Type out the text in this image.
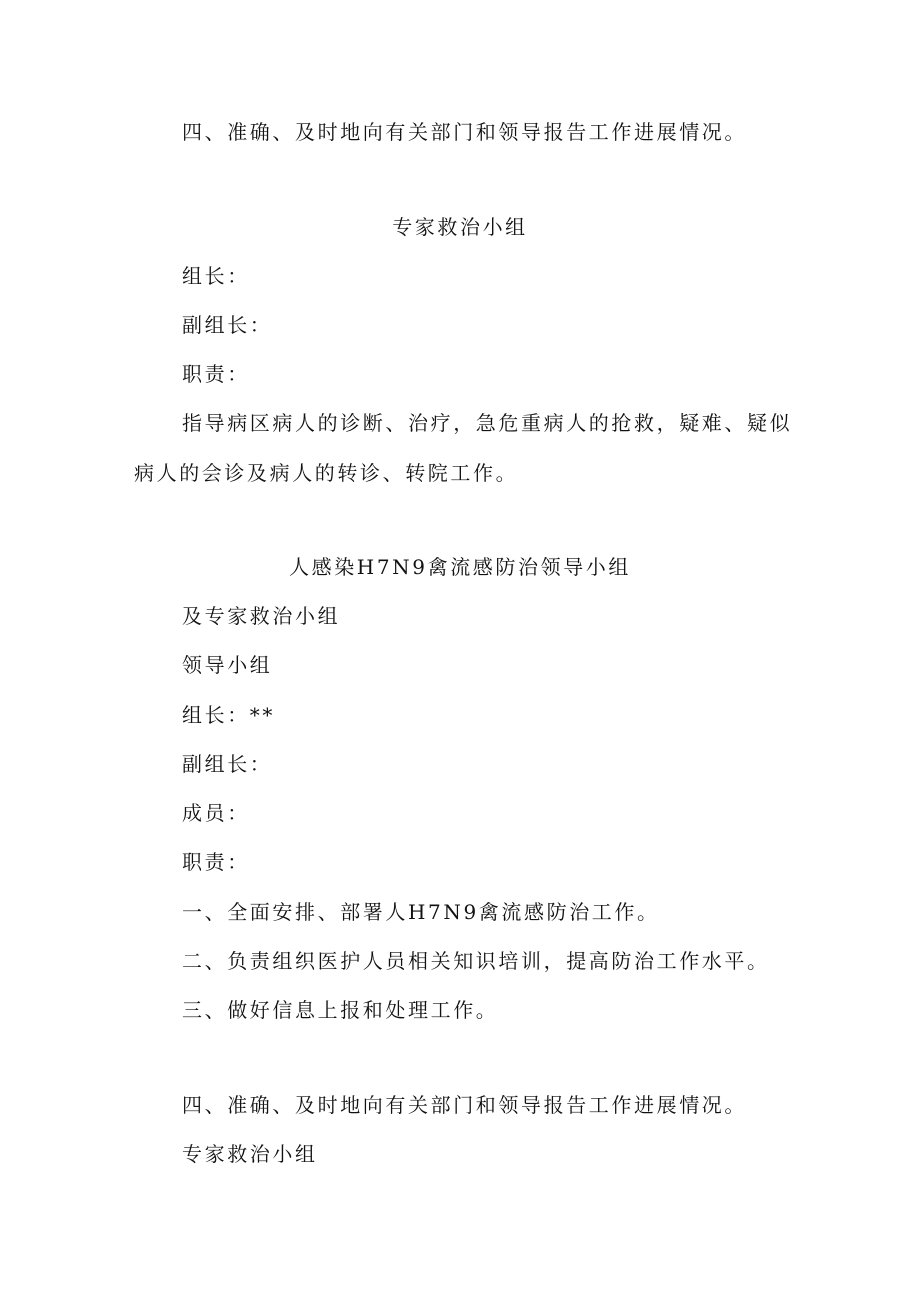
四、准确、及时地向有关部门和领导报告工作进展情况。
专家救治小组
组长：
副组长：
职责：
指导病区病人的诊断、治疗，急危重病人的抢救，疑难、疑似
病人的会诊及病人的转诊、转院工作。
人感染H7N9禽流感防治领导小组
及专家救治小组
领导小组
组长：**
副组长：
成员：
职责：
一、全面安排、部署人H7N9禽流感防治工作。
二、负责组织医护人员相关知识培训，提高防治工作水平。
三、做好信息上报和处理工作。
四、准确、及时地向有关部门和领导报告工作进展情况。
专家救治小组
